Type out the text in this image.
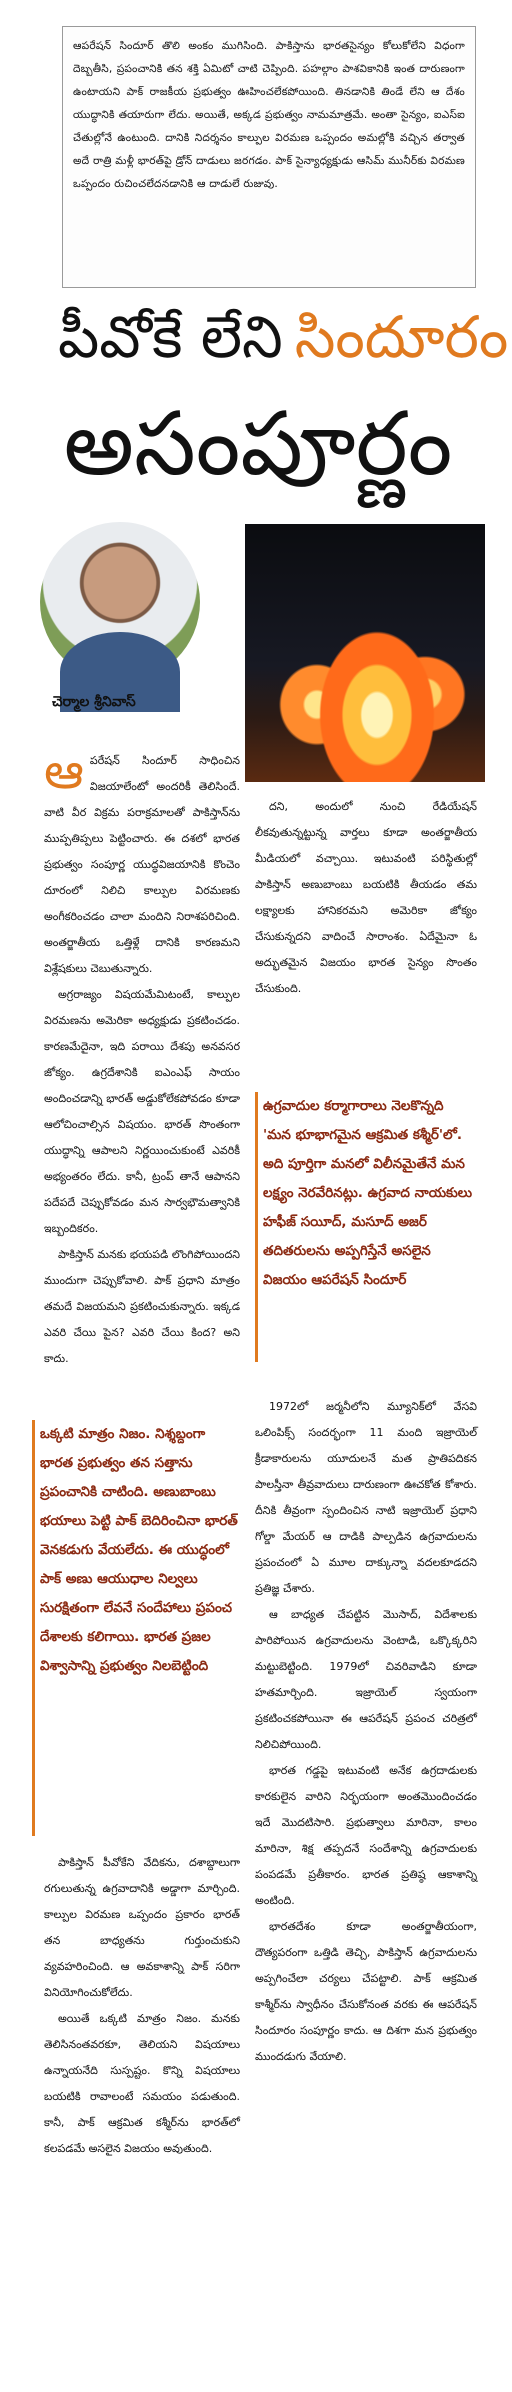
ఆపరేషన్ సిందూర్ తొలి అంకం ముగిసింది. పాకిస్తాను భారతసైన్యం కోలుకోలేని విధంగా దెబ్బతీసి, ప్రపంచానికి తన శక్తి ఏమిటో చాటి చెప్పింది. పహల్గాం పాశవికానికి ఇంత దారుణంగా ఉంటాయని పాక్ రాజకీయ ప్రభుత్వం ఊహించలేకపోయింది. తినడానికి తిండే లేని ఆ దేశం యుద్ధానికి తయారుగా లేదు. అయితే, అక్కడ ప్రభుత్వం నామమాత్రమే. అంతా సైన్యం, ఐఎస్ఐ చేతుల్లోనే ఉంటుంది. దానికి నిదర్శనం కాల్పుల విరమణ ఒప్పందం అమల్లోకి వచ్చిన తర్వాత అదే రాత్రి మళ్లీ భారత్‌పై డ్రోన్ దాడులు జరగడం. పాక్ సైన్యాధ్యక్షుడు ఆసిమ్ మునీర్‌కు విరమణ ఒప్పందం రుచించలేదనడానికి ఆ దాడులే రుజువు.

పీవోకే లేని సిందూరం
అసంపూర్ణం
చెర్మాల శ్రీనివాస్
ఆ పరేషన్ సిందూర్ సాధించిన విజయాలేంటో అందరికీ తెలిసిందే. వాటి వీర విక్రమ పరాక్రమాలతో పాకిస్తాన్‌ను ముప్పతిప్పలు పెట్టించారు. ఈ దశలో భారత ప్రభుత్వం సంపూర్ణ యుద్ధవిజయానికి కొంచెం దూరంలో నిలిచి కాల్పుల విరమణకు అంగీకరించడం చాలా మందిని నిరాశపరిచింది. అంతర్జాతీయ ఒత్తిళ్లే దానికి కారణమని విశ్లేషకులు చెబుతున్నారు.

అగ్రరాజ్యం విషయమేమిటంటే, కాల్పుల విరమణను అమెరికా అధ్యక్షుడు ప్రకటించడం. కారణమేదైనా, ఇది పరాయి దేశపు అనవసర జోక్యం. ఉగ్రదేశానికి ఐఎంఎఫ్ సాయం అందించడాన్ని భారత్ అడ్డుకోలేకపోవడం కూడా ఆలోచించాల్సిన విషయం. భారత్ సొంతంగా యుద్ధాన్ని ఆపాలని నిర్ణయించుకుంటే ఎవరికీ అభ్యంతరం లేదు. కానీ, ట్రంప్ తానే ఆపానని పదేపదే చెప్పుకోవడం మన సార్వభౌమత్వానికి ఇబ్బందికరం.

పాకిస్తాన్‌ మనకు భయపడి లొంగిపోయిందని ముందుగా చెప్పుకోవాలి. పాక్ ప్రధాని మాత్రం తమదే విజయమని ప్రకటించుకున్నారు. ఇక్కడ ఎవరి చేయి పైన? ఎవరి చేయి కింద? అని కాదు.

దని, అందులో నుంచి రేడియేషన్ లీకవుతున్నట్టున్న వార్తలు కూడా అంతర్జాతీయ మీడియలో వచ్చాయి. ఇటువంటి పరిస్థితుల్లో పాకిస్తాన్ అణుబాంబు బయటికి తీయడం తమ లక్ష్యాలకు హానికరమని అమెరికా జోక్యం చేసుకున్నదని వాదించే సారాంశం. ఏదేమైనా ఓ అద్భుతమైన విజయం భారత సైన్యం సొంతం చేసుకుంది.

ఉగ్రవాదుల కర్మాగారాలు నెలకొన్నది 'మన భూభాగమైన ఆక్రమిత కశ్మీర్'లో. అది పూర్తిగా మనలో విలీనమైతేనే మన లక్ష్యం నెరవేరినట్లు. ఉగ్రవాద నాయకులు హఫీజ్ సయీద్, మసూద్ అజర్ తదితరులను అప్పగిస్తేనే అసలైన విజయం ఆపరేషన్ సిందూర్

1972లో జర్మనీలోని మ్యూనిక్‌లో వేసవి ఒలింపిక్స్ సందర్భంగా 11 మంది ఇజ్రాయెల్ క్రీడాకారులను యూదులనే మత ప్రాతిపదికన పాలస్తీనా తీవ్రవాదులు దారుణంగా ఊచకోత కోశారు. దీనికి తీవ్రంగా స్పందించిన నాటి ఇజ్రాయెల్ ప్రధాని గోల్డా మేయర్ ఆ దాడికి పాల్పడిన ఉగ్రవాదులను ప్రపంచంలో ఏ మూల దాక్కున్నా వదలకూడదని ప్రతిజ్ఞ చేశారు.

ఆ బాధ్యత చేపట్టిన మొసాద్, విదేశాలకు పారిపోయిన ఉగ్రవాదులను వెంటాడి, ఒక్కొక్కరిని మట్టుబెట్టింది. 1979లో చివరివాడిని కూడా హతమార్చింది. ఇజ్రాయెల్ స్వయంగా ప్రకటించకపోయినా ఈ ఆపరేషన్ ప్రపంచ చరిత్రలో నిలిచిపోయింది.

భారత గడ్డపై ఇటువంటి అనేక ఉగ్రదాడులకు కారకులైన వారిని నిర్భయంగా అంతమొందించడం ఇదే మొదటిసారి. ప్రభుత్వాలు మారినా, కాలం మారినా, శిక్ష తప్పదనే సందేశాన్ని ఉగ్రవాదులకు పంపడమే ప్రతీకారం. భారత ప్రతిష్ఠ ఆకాశాన్ని అంటింది.

భారతదేశం కూడా అంతర్జాతీయంగా, దౌత్యపరంగా ఒత్తిడి తెచ్చి, పాకిస్తాన్ ఉగ్రవాదులను అప్పగించేలా చర్యలు చేపట్టాలి. పాక్ ఆక్రమిత కాశ్మీర్‌ను స్వాధీనం చేసుకోనంత వరకు ఈ ఆపరేషన్ సిందూరం సంపూర్ణం కాదు. ఆ దిశగా మన ప్రభుత్వం ముందడుగు వేయాలి.

ఒక్కటి మాత్రం నిజం. నిశ్శబ్దంగా భారత ప్రభుత్వం తన సత్తాను ప్రపంచానికి చాటింది. అణుబాంబు భయాలు పెట్టి పాక్ బెదిరించినా భారత్ వెనకడుగు వేయలేదు. ఈ యుద్ధంలో పాక్ అణు ఆయుధాల నిల్వలు సురక్షితంగా లేవనే సందేహాలు ప్రపంచ దేశాలకు కలిగాయి. భారత ప్రజల విశ్వాసాన్ని ప్రభుత్వం నిలబెట్టింది

పాకిస్తాన్ పీవోకేని వేదికను, దశాబ్దాలుగా రగులుతున్న ఉగ్రవాదానికి అడ్డాగా మార్చింది. కాల్పుల విరమణ ఒప్పందం ప్రకారం భారత్ తన బాధ్యతను గుర్తుంచుకుని వ్యవహరించింది. ఆ అవకాశాన్ని పాక్ సరిగా వినియోగించుకోలేదు.

అయితే ఒక్కటి మాత్రం నిజం. మనకు తెలిసినంతవరకూ, తెలియని విషయాలు ఉన్నాయనేది సుస్పష్టం. కొన్ని విషయాలు బయటికి రావాలంటే సమయం పడుతుంది. కానీ, పాక్ ఆక్రమిత కశ్మీర్‌ను భారత్‌లో కలపడమే అసలైన విజయం అవుతుంది.
